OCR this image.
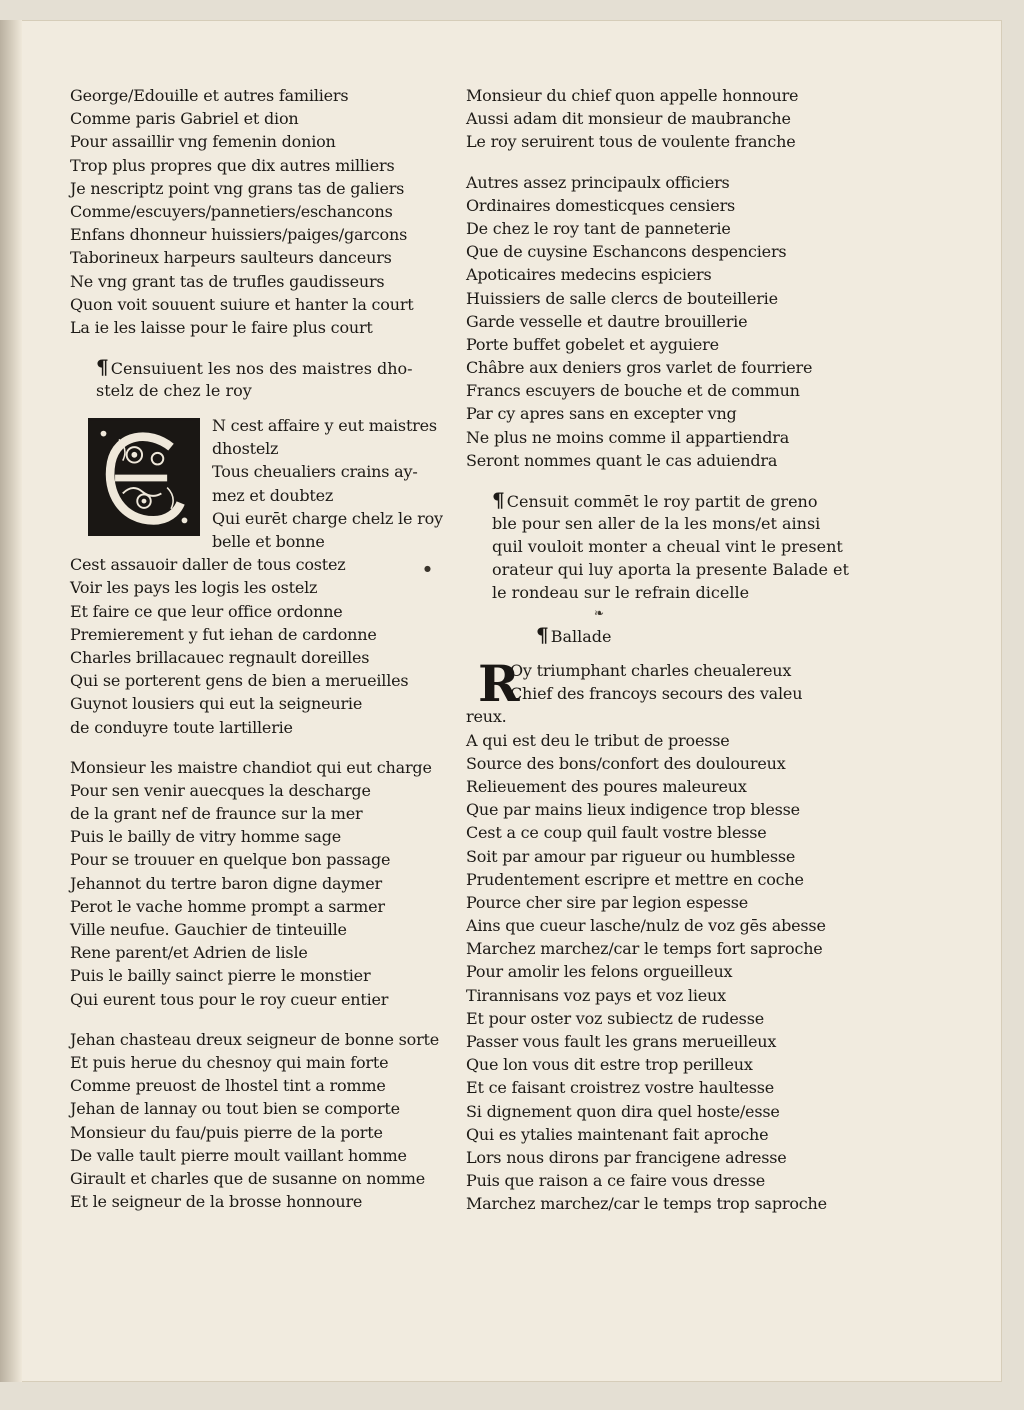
George/Edouille et autres familiers
Comme paris Gabriel et dion
Pour assaillir vng femenin donion
Trop plus propres que dix autres milliers
Je nescriptz point vng grans tas de galiers
Comme/escuyers/pannetiers/eschancons
Enfans dhonneur huissiers/paiges/garcons
Taborineux harpeurs saulteurs danceurs
Ne vng grant tas de trufles gaudisseurs
Quon voit souuent suiure et hanter la court
La ie les laisse pour le faire plus court
¶ Censuiuent les nos des maistres dho-
stelz de chez le roy
N cest affaire y eut maistres
dhostelz
Tous cheualiers crains ay-
mez et doubtez
Qui eurēt charge chelz le roy
belle et bonne
Cest assauoir daller de tous costez
Voir les pays les logis les ostelz
Et faire ce que leur office ordonne
Premierement y fut iehan de cardonne
Charles brillacauec regnault doreilles
Qui se porterent gens de bien a merueilles
Guynot lousiers qui eut la seigneurie
de conduyre toute lartillerie
Monsieur les maistre chandiot qui eut charge
Pour sen venir auecques la descharge
de la grant nef de fraunce sur la mer
Puis le bailly de vitry homme sage
Pour se trouuer en quelque bon passage
Jehannot du tertre baron digne daymer
Perot le vache homme prompt a sarmer
Ville neufue. Gauchier de tinteuille
Rene parent/et Adrien de lisle
Puis le bailly sainct pierre le monstier
Qui eurent tous pour le roy cueur entier
Jehan chasteau dreux seigneur de bonne sorte
Et puis herue du chesnoy qui main forte
Comme preuost de lhostel tint a romme
Jehan de lannay ou tout bien se comporte
Monsieur du fau/puis pierre de la porte
De valle tault pierre moult vaillant homme
Girault et charles que de susanne on nomme
Et le seigneur de la brosse honnoure
●
Monsieur du chief quon appelle honnoure
Aussi adam dit monsieur de maubranche
Le roy seruirent tous de voulente franche
Autres assez principaulx officiers
Ordinaires domesticques censiers
De chez le roy tant de panneterie
Que de cuysine Eschancons despenciers
Apoticaires medecins espiciers
Huissiers de salle clercs de bouteillerie
Garde vesselle et dautre brouillerie
Porte buffet gobelet et ayguiere
Châbre aux deniers gros varlet de fourriere
Francs escuyers de bouche et de commun
Par cy apres sans en excepter vng
Ne plus ne moins comme il appartiendra
Seront nommes quant le cas aduiendra
¶ Censuit commēt le roy partit de greno
ble pour sen aller de la les mons/et ainsi
quil vouloit monter a cheual vint le present
orateur qui luy aporta la presente Balade et
le rondeau sur le refrain dicelle
❧
¶ Ballade
R
Oy triumphant charles cheualereux
Chief des francoys secours des valeu
reux.
A qui est deu le tribut de proesse
Source des bons/confort des douloureux
Relieuement des poures maleureux
Que par mains lieux indigence trop blesse
Cest a ce coup quil fault vostre blesse
Soit par amour par rigueur ou humblesse
Prudentement escripre et mettre en coche
Pource cher sire par legion espesse
Ains que cueur lasche/nulz de voz gēs abesse
Marchez marchez/car le temps fort saproche
Pour amolir les felons orgueilleux
Tirannisans voz pays et voz lieux
Et pour oster voz subiectz de rudesse
Passer vous fault les grans merueilleux
Que lon vous dit estre trop perilleux
Et ce faisant croistrez vostre haultesse
Si dignement quon dira quel hoste/esse
Qui es ytalies maintenant fait aproche
Lors nous dirons par francigene adresse
Puis que raison a ce faire vous dresse
Marchez marchez/car le temps trop saproche
